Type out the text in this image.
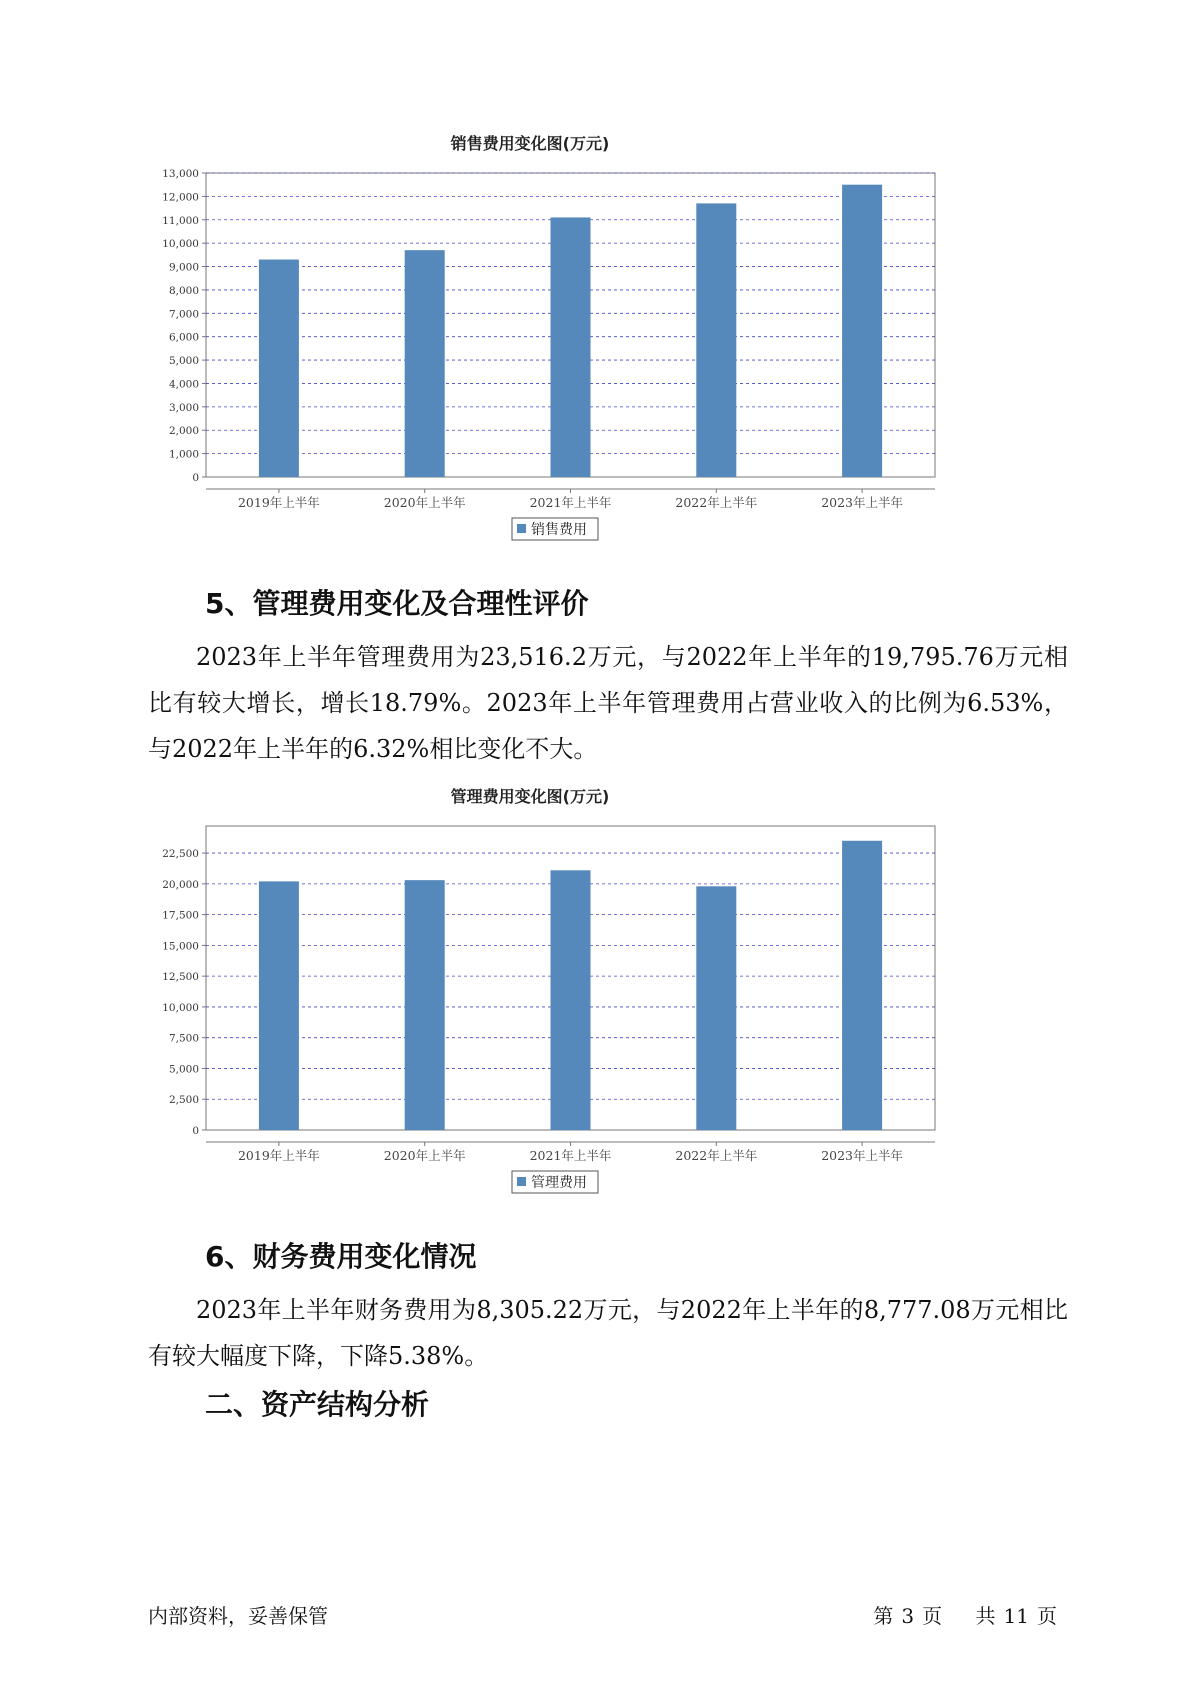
销售费用变化图(万元)
0
1,000
2,000
3,000
4,000
5,000
6,000
7,000
8,000
9,000
10,000
11,000
12,000
13,000
2019年上半年	2020年上半年	2021年上半年	2022年上半年	2023年上半年
销售费用
5、管理费用变化及合理性评价

2023年上半年管理费用为23,516.2万元，与2022年上半年的19,795.76万元相比有较大增长，增长18.79%。2023年上半年管理费用占营业收入的比例为6.53%，与2022年上半年的6.32%相比变化不大。

管理费用变化图(万元)
0
2,500
5,000
7,500
10,000
12,500
15,000
17,500
20,000
22,500
2019年上半年	2020年上半年	2021年上半年	2022年上半年	2023年上半年
管理费用
6、财务费用变化情况

2023年上半年财务费用为8,305.22万元，与2022年上半年的8,777.08万元相比有较大幅度下降，下降5.38%。

二、资产结构分析
内部资料，妥善保管	第 3 页 共 11 页
